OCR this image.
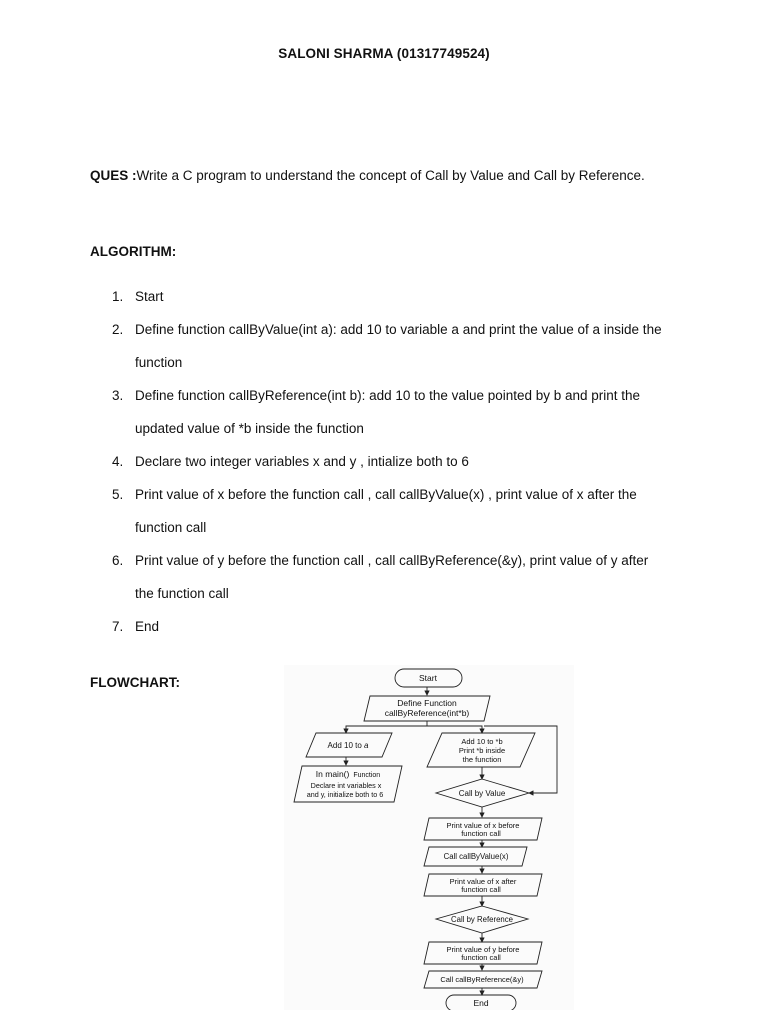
SALONI SHARMA (01317749524)
QUES :Write a C program to understand the concept of Call by Value and Call by Reference.
ALGORITHM:
1. Start
2. Define function callByValue(int a): add 10 to variable a and print the value of a inside the
function
3. Define function callByReference(int b): add 10 to the value pointed by b and print the
updated value of *b inside the function
4. Declare two integer variables x and y , intialize both to 6
5. Print value of x before the function call , call callByValue(x) , print value of x after the
function call
6. Print value of y before the function call , call callByReference(&y), print value of y after
the function call
7. End
FLOWCHART:	Start
Define Function
callByReference(int*b)
Add 10 to a	Add 10 to *b
Print *b inside
the function
In main() Function
Declare int variables x
and y, initialize both to 6	Call by Value
Print value of x before
function call
Call callByValue(x)
Print value of x after
function call
Call by Reference
Print value of y before
function call
Call callByReference(&y)
End
